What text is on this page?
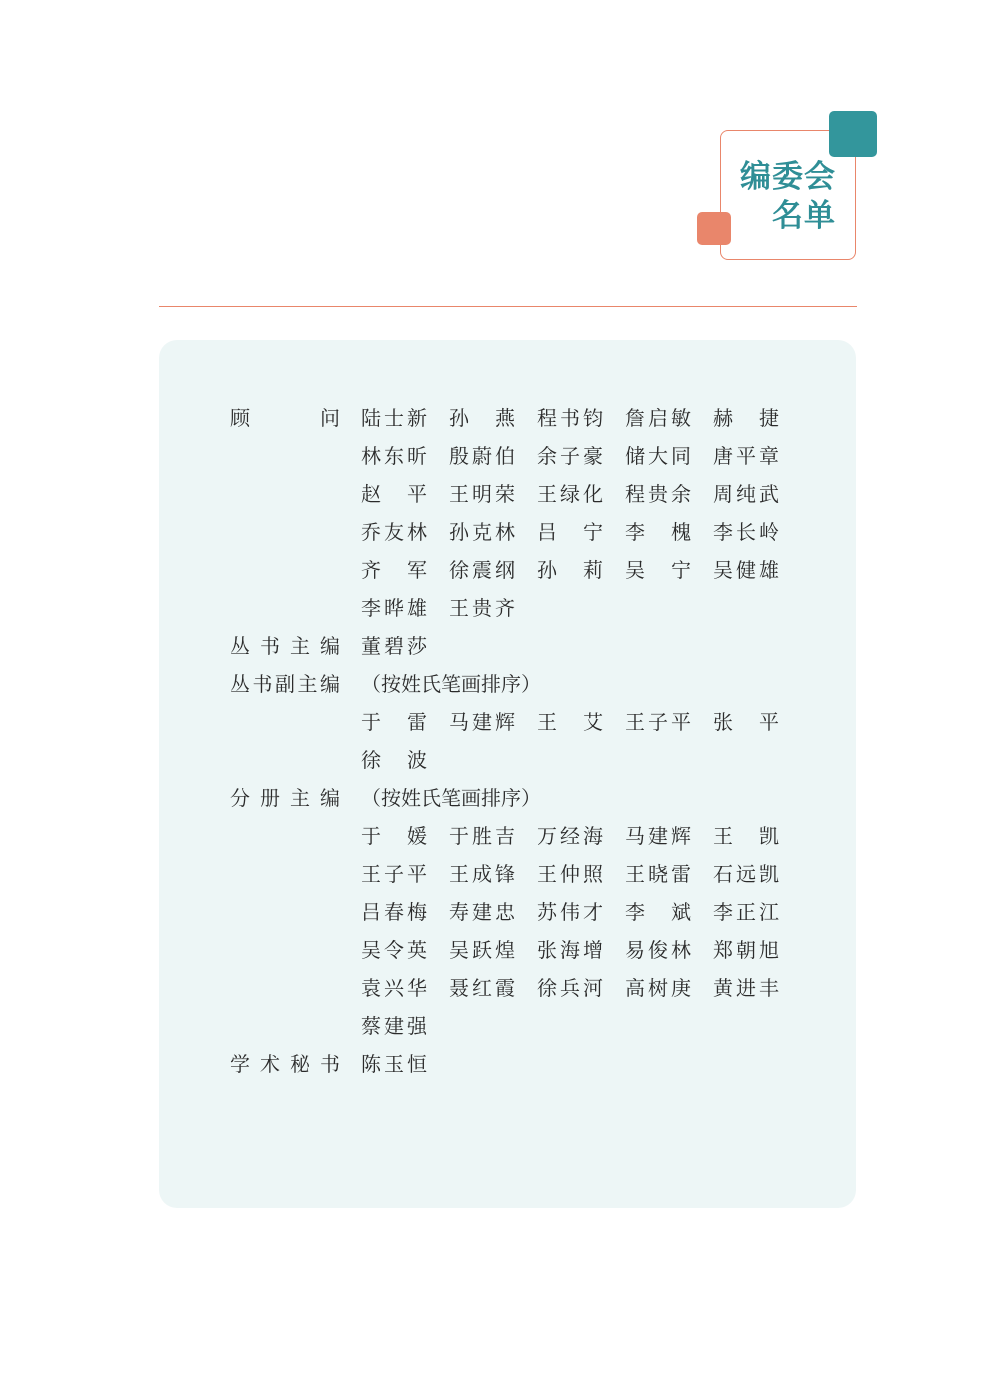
编委会
名单
顾	问 陆 士 新 孙 燕 程 书 钧 詹 启 敏 赫 捷
林 东 昕 殷 蔚 伯 余 子 豪 储 大 同 唐 平 章
赵 平 王 明 荣 王 绿 化 程 贵 余 周 纯 武
乔 友 林 孙 克 林 吕 宁 李 槐 李 长 岭
齐 军 徐 震 纲 孙 莉 吴 宁 吴 健 雄
李 晔 雄 王 贵 齐
丛 书 主 编 董 碧 莎
丛 书 副 主 编 （按姓氏笔画排序）
于 雷 马 建 辉 王 艾 王 子 平 张 平
徐 波
分 册 主 编 （按姓氏笔画排序）
于 媛 于 胜 吉 万 经 海 马 建 辉 王 凯
王 子 平 王 成 锋 王 仲 照 王 晓 雷 石 远 凯
吕 春 梅 寿 建 忠 苏 伟 才 李 斌 李 正 江
吴 令 英 吴 跃 煌 张 海 增 易 俊 林 郑 朝 旭
袁 兴 华 聂 红 霞 徐 兵 河 高 树 庚 黄 进 丰
蔡 建 强
学 术 秘 书 陈 玉 恒
